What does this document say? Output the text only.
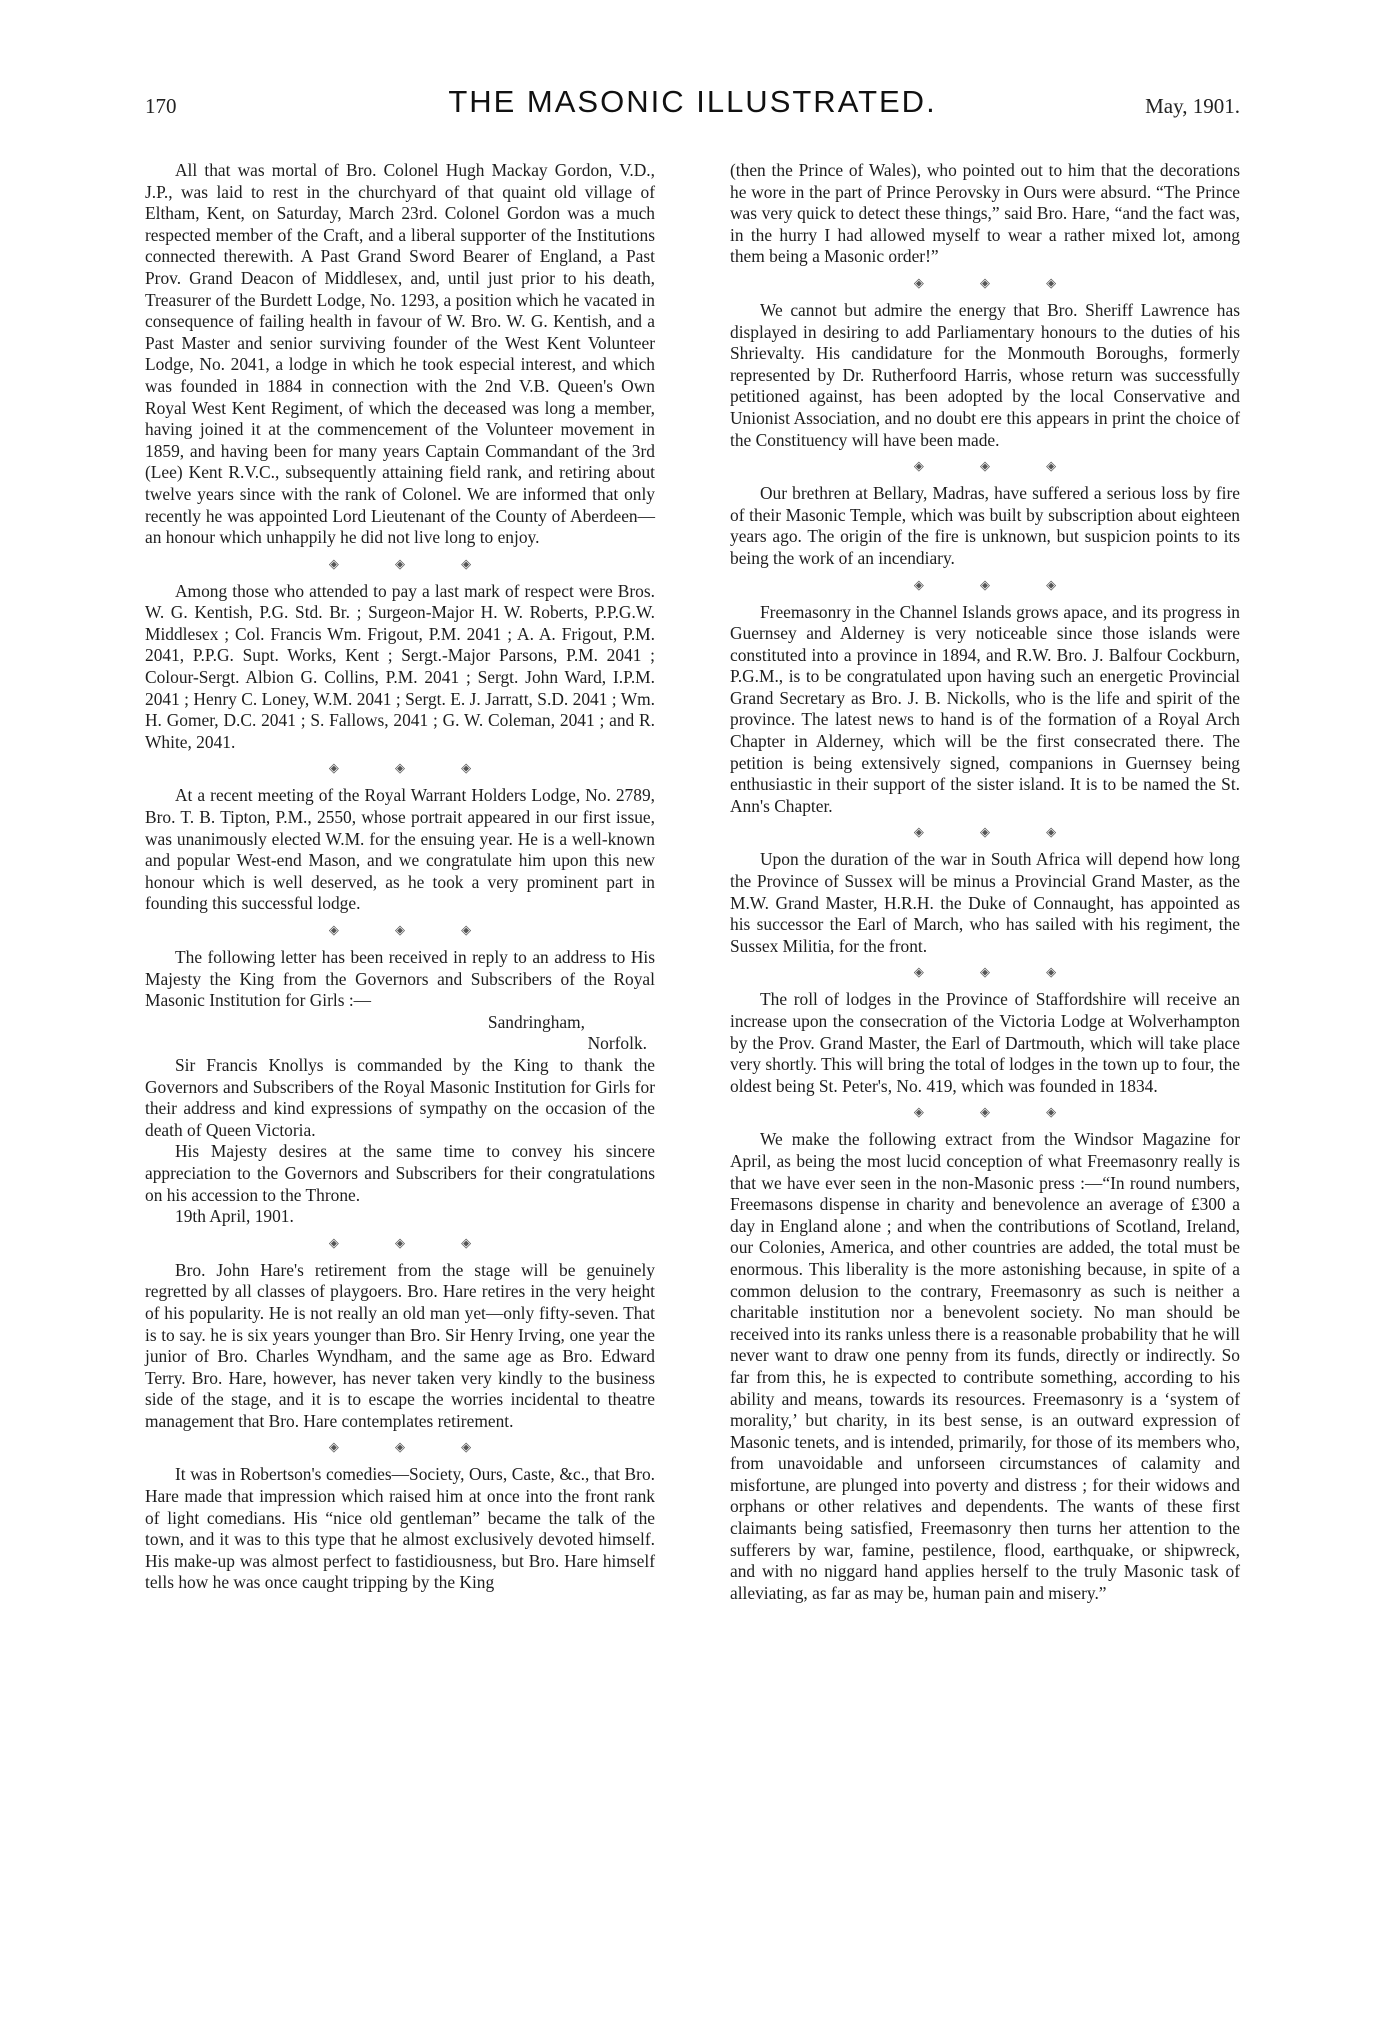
170	THE MASONIC ILLUSTRATED.	May, 1901.

All that was mortal of Bro. Colonel Hugh Mackay Gordon, V.D., J.P., was laid to rest in the churchyard of that quaint old village of Eltham, Kent, on Saturday, March 23rd. Colonel Gordon was a much respected member of the Craft, and a liberal supporter of the Institutions connected therewith. A Past Grand Sword Bearer of England, a Past Prov. Grand Deacon of Middlesex, and, until just prior to his death, Treasurer of the Burdett Lodge, No. 1293, a position which he vacated in consequence of failing health in favour of W. Bro. W. G. Kentish, and a Past Master and senior surviving founder of the West Kent Volunteer Lodge, No. 2041, a lodge in which he took especial interest, and which was founded in 1884 in connection with the 2nd V.B. Queen's Own Royal West Kent Regiment, of which the deceased was long a member, having joined it at the commencement of the Volunteer movement in 1859, and having been for many years Captain Commandant of the 3rd (Lee) Kent R.V.C., subsequently attaining field rank, and retiring about twelve years since with the rank of Colonel. We are informed that only recently he was appointed Lord Lieutenant of the County of Aberdeen—an honour which unhappily he did not live long to enjoy.

◈ ◈ ◈

Among those who attended to pay a last mark of respect were Bros. W. G. Kentish, P.G. Std. Br. ; Surgeon-Major H. W. Roberts, P.P.G.W. Middlesex ; Col. Francis Wm. Frigout, P.M. 2041 ; A. A. Frigout, P.M. 2041, P.P.G. Supt. Works, Kent ; Sergt.-Major Parsons, P.M. 2041 ; Colour-Sergt. Albion G. Collins, P.M. 2041 ; Sergt. John Ward, I.P.M. 2041 ; Henry C. Loney, W.M. 2041 ; Sergt. E. J. Jarratt, S.D. 2041 ; Wm. H. Gomer, D.C. 2041 ; S. Fallows, 2041 ; G. W. Coleman, 2041 ; and R. White, 2041.

◈ ◈ ◈

At a recent meeting of the Royal Warrant Holders Lodge, No. 2789, Bro. T. B. Tipton, P.M., 2550, whose portrait appeared in our first issue, was unanimously elected W.M. for the ensuing year. He is a well-known and popular West-end Mason, and we congratulate him upon this new honour which is well deserved, as he took a very prominent part in founding this successful lodge.

◈ ◈ ◈

The following letter has been received in reply to an address to His Majesty the King from the Governors and Subscribers of the Royal Masonic Institution for Girls :—

Sandringham,

Norfolk.

Sir Francis Knollys is commanded by the King to thank the Governors and Subscribers of the Royal Masonic Institution for Girls for their address and kind expressions of sympathy on the occasion of the death of Queen Victoria.

His Majesty desires at the same time to convey his sincere appreciation to the Governors and Subscribers for their congratulations on his accession to the Throne.

19th April, 1901.

◈ ◈ ◈

Bro. John Hare's retirement from the stage will be genuinely regretted by all classes of playgoers. Bro. Hare retires in the very height of his popularity. He is not really an old man yet—only fifty-seven. That is to say. he is six years younger than Bro. Sir Henry Irving, one year the junior of Bro. Charles Wyndham, and the same age as Bro. Edward Terry. Bro. Hare, however, has never taken very kindly to the business side of the stage, and it is to escape the worries incidental to theatre management that Bro. Hare contemplates retirement.

◈ ◈ ◈

It was in Robertson's comedies—Society, Ours, Caste, &c., that Bro. Hare made that impression which raised him at once into the front rank of light comedians. His “nice old gentleman” became the talk of the town, and it was to this type that he almost exclusively devoted himself. His make-up was almost perfect to fastidiousness, but Bro. Hare himself tells how he was once caught tripping by the King

(then the Prince of Wales), who pointed out to him that the decorations he wore in the part of Prince Perovsky in Ours were absurd. “The Prince was very quick to detect these things,” said Bro. Hare, “and the fact was, in the hurry I had allowed myself to wear a rather mixed lot, among them being a Masonic order!”

◈ ◈ ◈

We cannot but admire the energy that Bro. Sheriff Lawrence has displayed in desiring to add Parliamentary honours to the duties of his Shrievalty. His candidature for the Monmouth Boroughs, formerly represented by Dr. Rutherfoord Harris, whose return was successfully petitioned against, has been adopted by the local Conservative and Unionist Association, and no doubt ere this appears in print the choice of the Constituency will have been made.

◈ ◈ ◈

Our brethren at Bellary, Madras, have suffered a serious loss by fire of their Masonic Temple, which was built by subscription about eighteen years ago. The origin of the fire is unknown, but suspicion points to its being the work of an incendiary.

◈ ◈ ◈

Freemasonry in the Channel Islands grows apace, and its progress in Guernsey and Alderney is very noticeable since those islands were constituted into a province in 1894, and R.W. Bro. J. Balfour Cockburn, P.G.M., is to be congratulated upon having such an energetic Provincial Grand Secretary as Bro. J. B. Nickolls, who is the life and spirit of the province. The latest news to hand is of the formation of a Royal Arch Chapter in Alderney, which will be the first consecrated there. The petition is being extensively signed, companions in Guernsey being enthusiastic in their support of the sister island. It is to be named the St. Ann's Chapter.

◈ ◈ ◈

Upon the duration of the war in South Africa will depend how long the Province of Sussex will be minus a Provincial Grand Master, as the M.W. Grand Master, H.R.H. the Duke of Connaught, has appointed as his successor the Earl of March, who has sailed with his regiment, the Sussex Militia, for the front.

◈ ◈ ◈

The roll of lodges in the Province of Staffordshire will receive an increase upon the consecration of the Victoria Lodge at Wolverhampton by the Prov. Grand Master, the Earl of Dartmouth, which will take place very shortly. This will bring the total of lodges in the town up to four, the oldest being St. Peter's, No. 419, which was founded in 1834.

◈ ◈ ◈

We make the following extract from the Windsor Magazine for April, as being the most lucid conception of what Freemasonry really is that we have ever seen in the non-Masonic press :—“In round numbers, Freemasons dispense in charity and benevolence an average of £300 a day in England alone ; and when the contributions of Scotland, Ireland, our Colonies, America, and other countries are added, the total must be enormous. This liberality is the more astonishing because, in spite of a common delusion to the contrary, Freemasonry as such is neither a charitable institution nor a benevolent society. No man should be received into its ranks unless there is a reasonable probability that he will never want to draw one penny from its funds, directly or indirectly. So far from this, he is expected to contribute something, according to his ability and means, towards its resources. Freemasonry is a ‘system of morality,’ but charity, in its best sense, is an outward expression of Masonic tenets, and is intended, primarily, for those of its members who, from unavoidable and unforseen circumstances of calamity and misfortune, are plunged into poverty and distress ; for their widows and orphans or other relatives and dependents. The wants of these first claimants being satisfied, Freemasonry then turns her attention to the sufferers by war, famine, pestilence, flood, earthquake, or shipwreck, and with no niggard hand applies herself to the truly Masonic task of alleviating, as far as may be, human pain and misery.”
